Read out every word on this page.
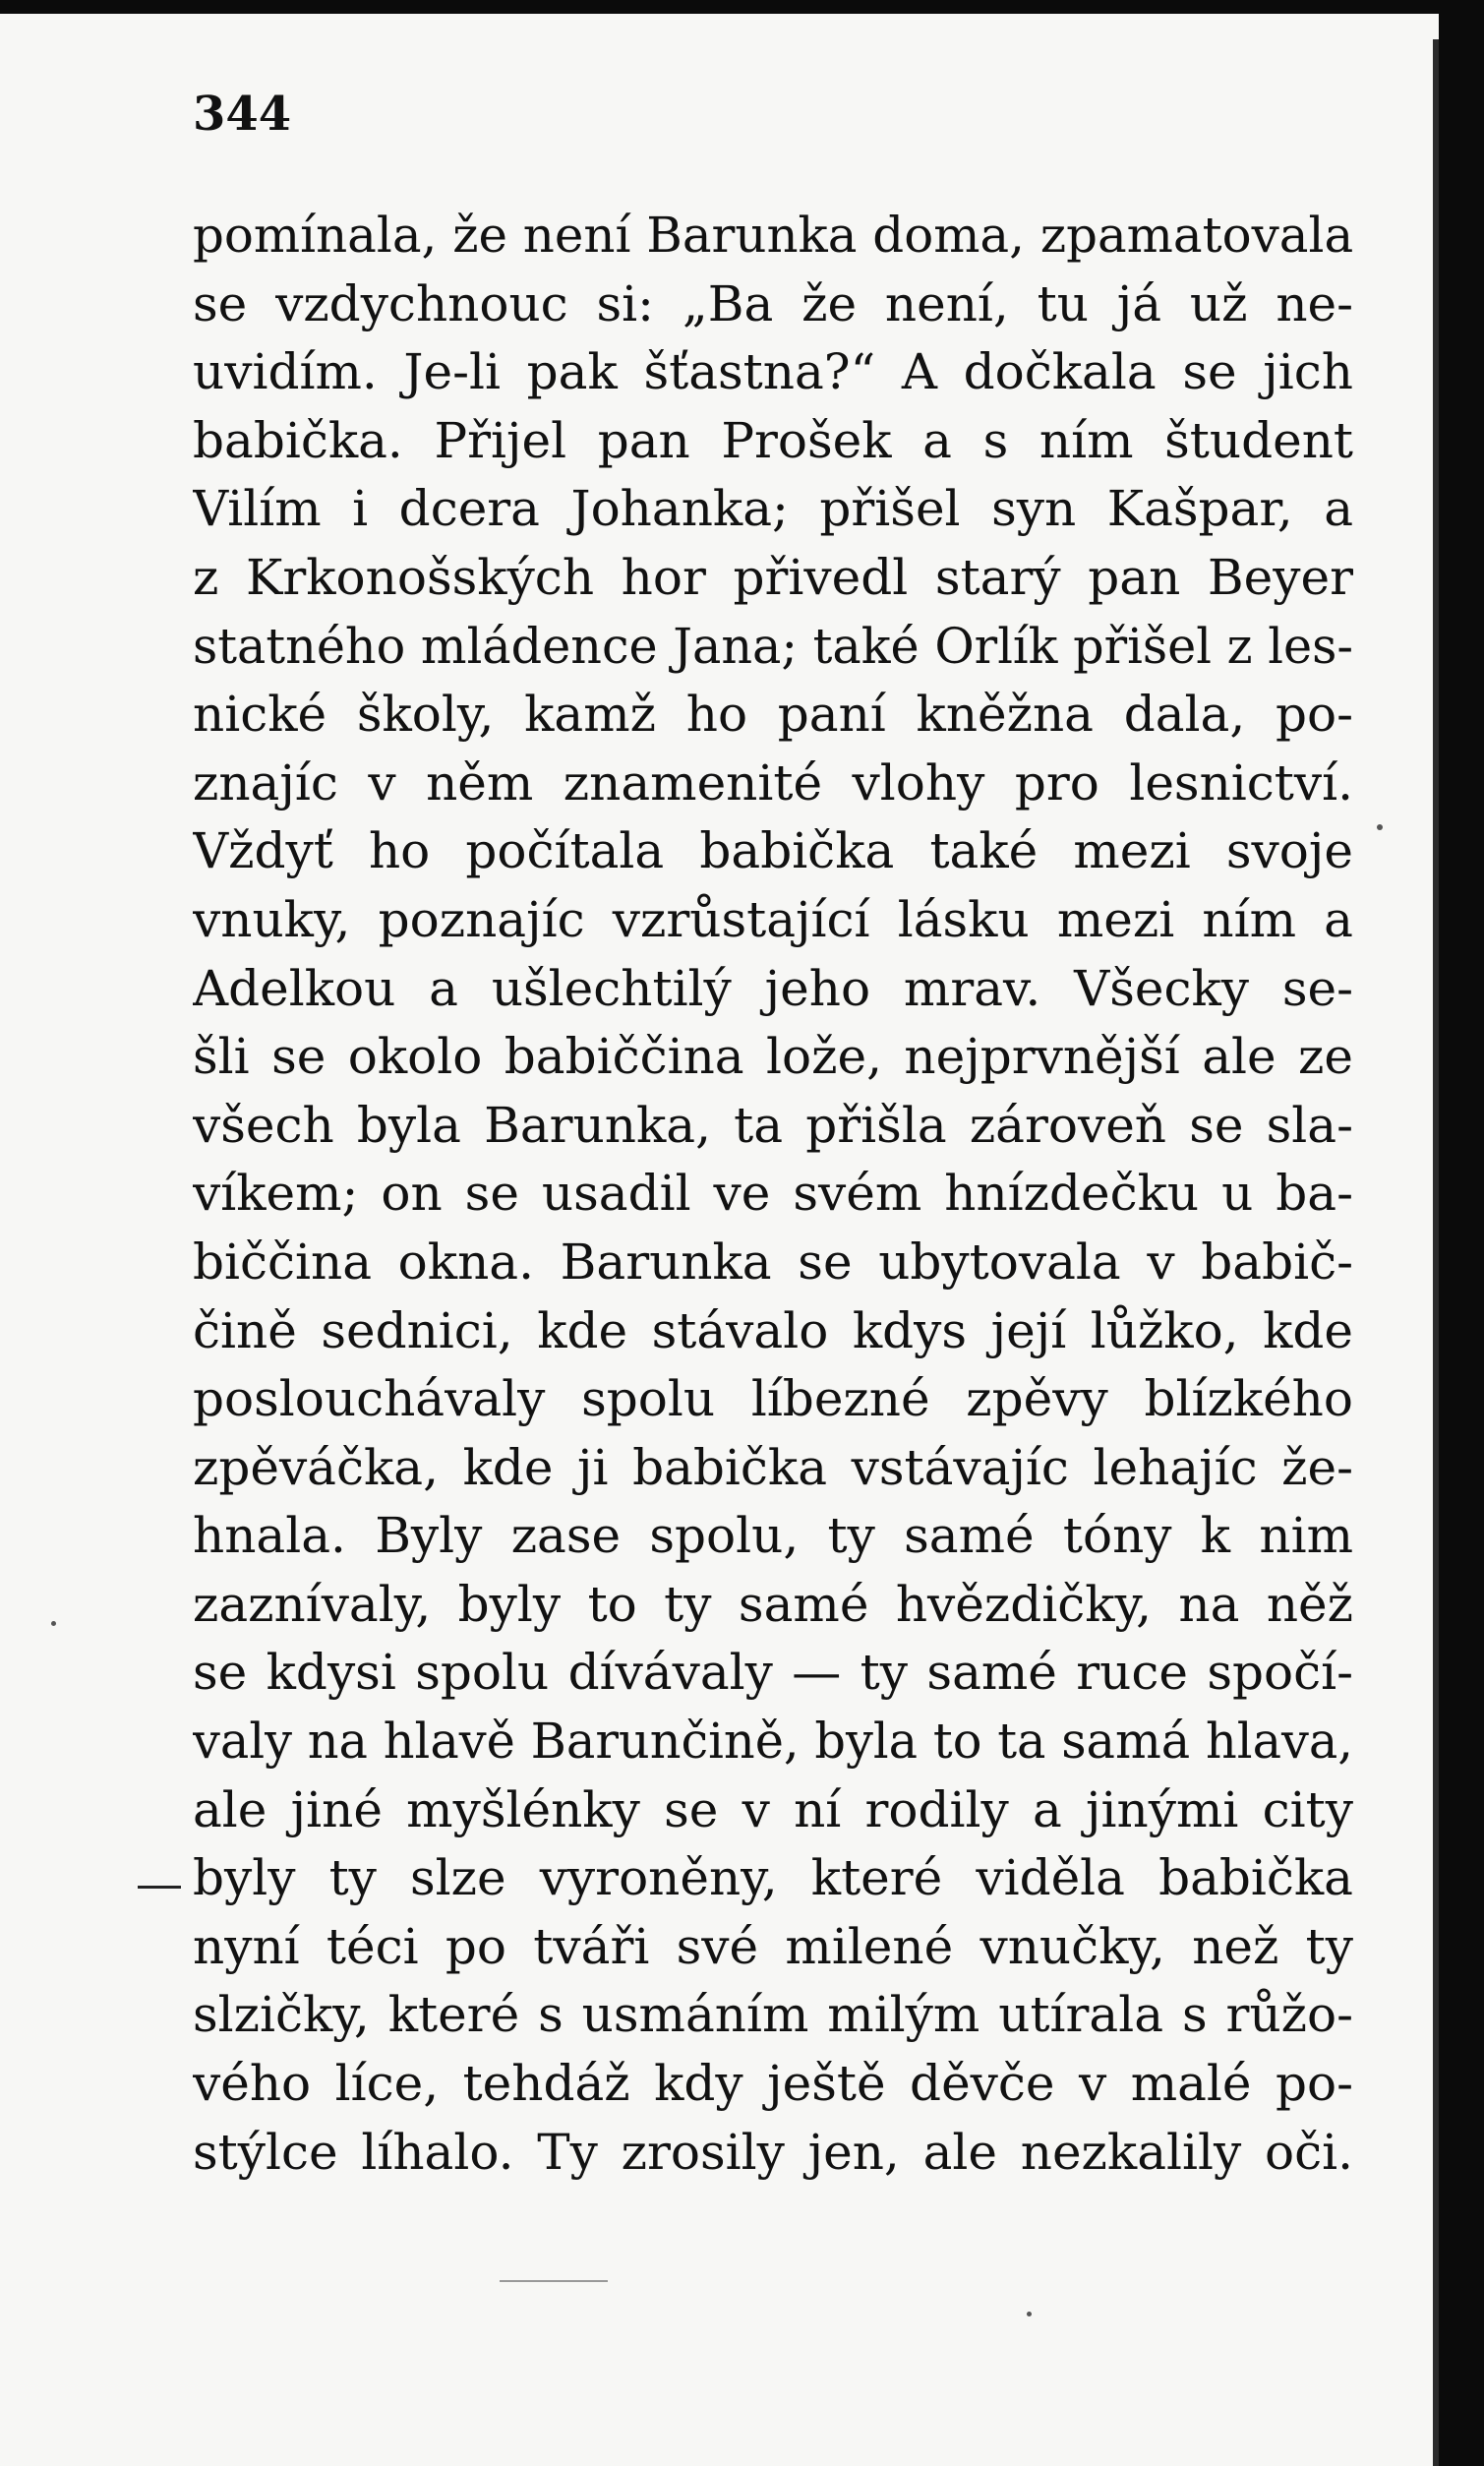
344
pomínala, že není Barunka doma, zpamatovala
se vzdychnouc si: „Ba že není, tu já už ne-
uvidím. Je-li pak šťastna?“ A dočkala se jich
babička. Přijel pan Prošek a s ním študent
Vilím i dcera Johanka; přišel syn Kašpar, a
z Krkonošských hor přivedl starý pan Beyer
statného mládence Jana; také Orlík přišel z les-
nické školy, kamž ho paní kněžna dala, po-
znajíc v něm znamenité vlohy pro lesnictví.
Vždyť ho počítala babička také mezi svoje
vnuky, poznajíc vzrůstající lásku mezi ním a
Adelkou a ušlechtilý jeho mrav. Všecky se-
šli se okolo babiččina lože, nejprvnější ale ze
všech byla Barunka, ta přišla zároveň se sla-
víkem; on se usadil ve svém hnízdečku u ba-
biččina okna. Barunka se ubytovala v babič-
čině sednici, kde stávalo kdys její lůžko, kde
poslouchávaly spolu líbezné zpěvy blízkého
zpěváčka, kde ji babička vstávajíc lehajíc že-
hnala. Byly zase spolu, ty samé tóny k nim
zaznívaly, byly to ty samé hvězdičky, na něž
se kdysi spolu dívávaly — ty samé ruce spočí-
valy na hlavě Barunčině, byla to ta samá hlava,
ale jiné myšlénky se v ní rodily a jinými city
byly ty slze vyroněny, které viděla babička
nyní téci po tváři své milené vnučky, než ty
slzičky, které s usmáním milým utírala s růžo-
vého líce, tehdáž kdy ještě děvče v malé po-
stýlce líhalo. Ty zrosily jen, ale nezkalily oči.
